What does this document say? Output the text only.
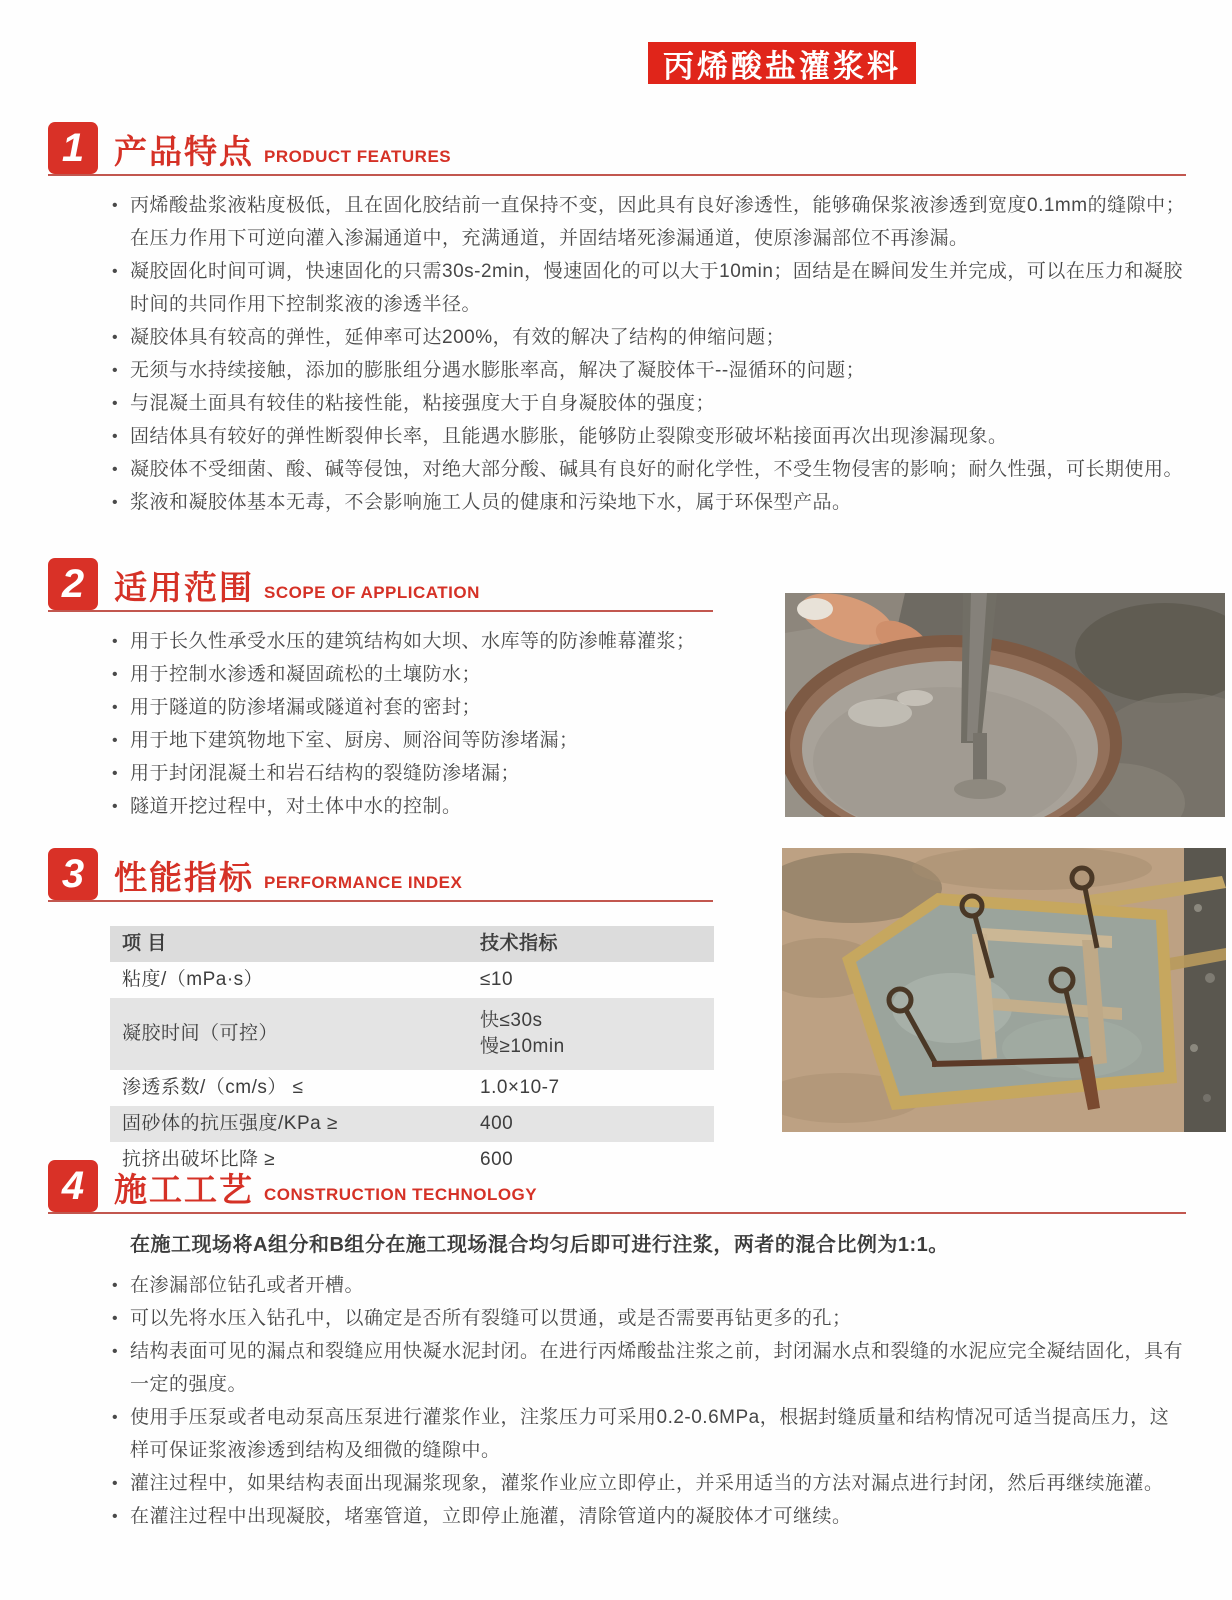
丙烯酸盐灌浆料
1 产品特点 PRODUCT FEATURES
• 丙烯酸盐浆液粘度极低，且在固化胶结前一直保持不变，因此具有良好渗透性，能够确保浆液渗透到宽度0.1mm的缝隙中；在压力作用下可逆向灌入渗漏通道中，充满通道，并固结堵死渗漏通道，使原渗漏部位不再渗漏。
• 凝胶固化时间可调，快速固化的只需30s-2min，慢速固化的可以大于10min；固结是在瞬间发生并完成，可以在压力和凝胶时间的共同作用下控制浆液的渗透半径。
• 凝胶体具有较高的弹性，延伸率可达200%，有效的解决了结构的伸缩问题；
• 无须与水持续接触，添加的膨胀组分遇水膨胀率高，解决了凝胶体干--湿循环的问题；
• 与混凝土面具有较佳的粘接性能，粘接强度大于自身凝胶体的强度；
• 固结体具有较好的弹性断裂伸长率，且能遇水膨胀，能够防止裂隙变形破坏粘接面再次出现渗漏现象。
• 凝胶体不受细菌、酸、碱等侵蚀，对绝大部分酸、碱具有良好的耐化学性，不受生物侵害的影响；耐久性强，可长期使用。
• 浆液和凝胶体基本无毒，不会影响施工人员的健康和污染地下水，属于环保型产品。
2 适用范围 SCOPE OF APPLICATION
• 用于长久性承受水压的建筑结构如大坝、水库等的防渗帷幕灌浆；
• 用于控制水渗透和凝固疏松的土壤防水；
• 用于隧道的防渗堵漏或隧道衬套的密封；
• 用于地下建筑物地下室、厨房、厕浴间等防渗堵漏；
• 用于封闭混凝土和岩石结构的裂缝防渗堵漏；
• 隧道开挖过程中，对土体中水的控制。
3 性能指标 PERFORMANCE INDEX
项 目	技术指标
粘度/（mPa·s）	≤10
凝胶时间（可控）	快≤30s
慢≥10min

渗透系数/（cm/s） ≤	1.0×10-7
固砂体的抗压强度/KPa ≥	400
抗挤出破坏比降 ≥	600
4 施工工艺 CONSTRUCTION TECHNOLOGY

在施工现场将A组分和B组分在施工现场混合均匀后即可进行注浆，两者的混合比例为1:1。

• 在渗漏部位钻孔或者开槽。
• 可以先将水压入钻孔中，以确定是否所有裂缝可以贯通，或是否需要再钻更多的孔；
• 结构表面可见的漏点和裂缝应用快凝水泥封闭。在进行丙烯酸盐注浆之前，封闭漏水点和裂缝的水泥应完全凝结固化，具有一定的强度。
• 使用手压泵或者电动泵高压泵进行灌浆作业，注浆压力可采用0.2-0.6MPa，根据封缝质量和结构情况可适当提高压力，这样可保证浆液渗透到结构及细微的缝隙中。
• 灌注过程中，如果结构表面出现漏浆现象，灌浆作业应立即停止，并采用适当的方法对漏点进行封闭，然后再继续施灌。
• 在灌注过程中出现凝胶，堵塞管道，立即停止施灌，清除管道内的凝胶体才可继续。
